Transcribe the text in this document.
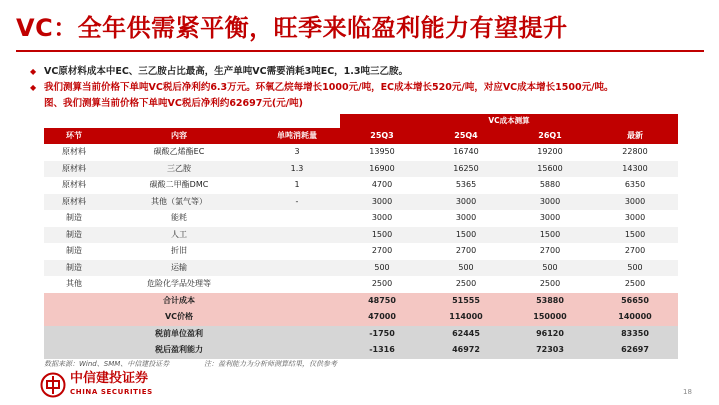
VC：全年供需紧平衡，旺季来临盈利能力有望提升
◆ VC原材料成本中EC、三乙胺占比最高，生产单吨VC需要消耗3吨EC，1.3吨三乙胺。
◆ 我们测算当前价格下单吨VC税后净利约6.3万元。环氧乙烷每增长1000元/吨，EC成本增长520元/吨，对应VC成本增长1500元/吨。
图、我们测算当前价格下单吨VC税后净利约62697元(元/吨)
VC成本测算
环节	内容	单吨消耗量	25Q3	25Q4	26Q1	最新
原材料	碳酸乙烯酯EC	3	13950	16740	19200	22800
原材料	三乙胺	1.3	16900	16250	15600	14300
原材料	碳酸二甲酯DMC	1	4700	5365	5880	6350
原材料	其他（氯气等）	-	3000	3000	3000	3000
制造	能耗		3000	3000	3000	3000
制造	人工		1500	1500	1500	1500
制造	折旧		2700	2700	2700	2700
制造	运输		500	500	500	500
其他	危险化学品处理等		2500	2500	2500	2500
	合计成本		48750	51555	53880	56650
	VC价格		47000	114000	150000	140000
	税前单位盈利		-1750	62445	96120	83350
	税后盈利能力		-1316	46972	72303	62697
数据来源：Wind、SMM、中信建投证券	注：盈利能力为分析师测算结果，仅供参考
中信建投证券
CHINA SECURITIES	18
